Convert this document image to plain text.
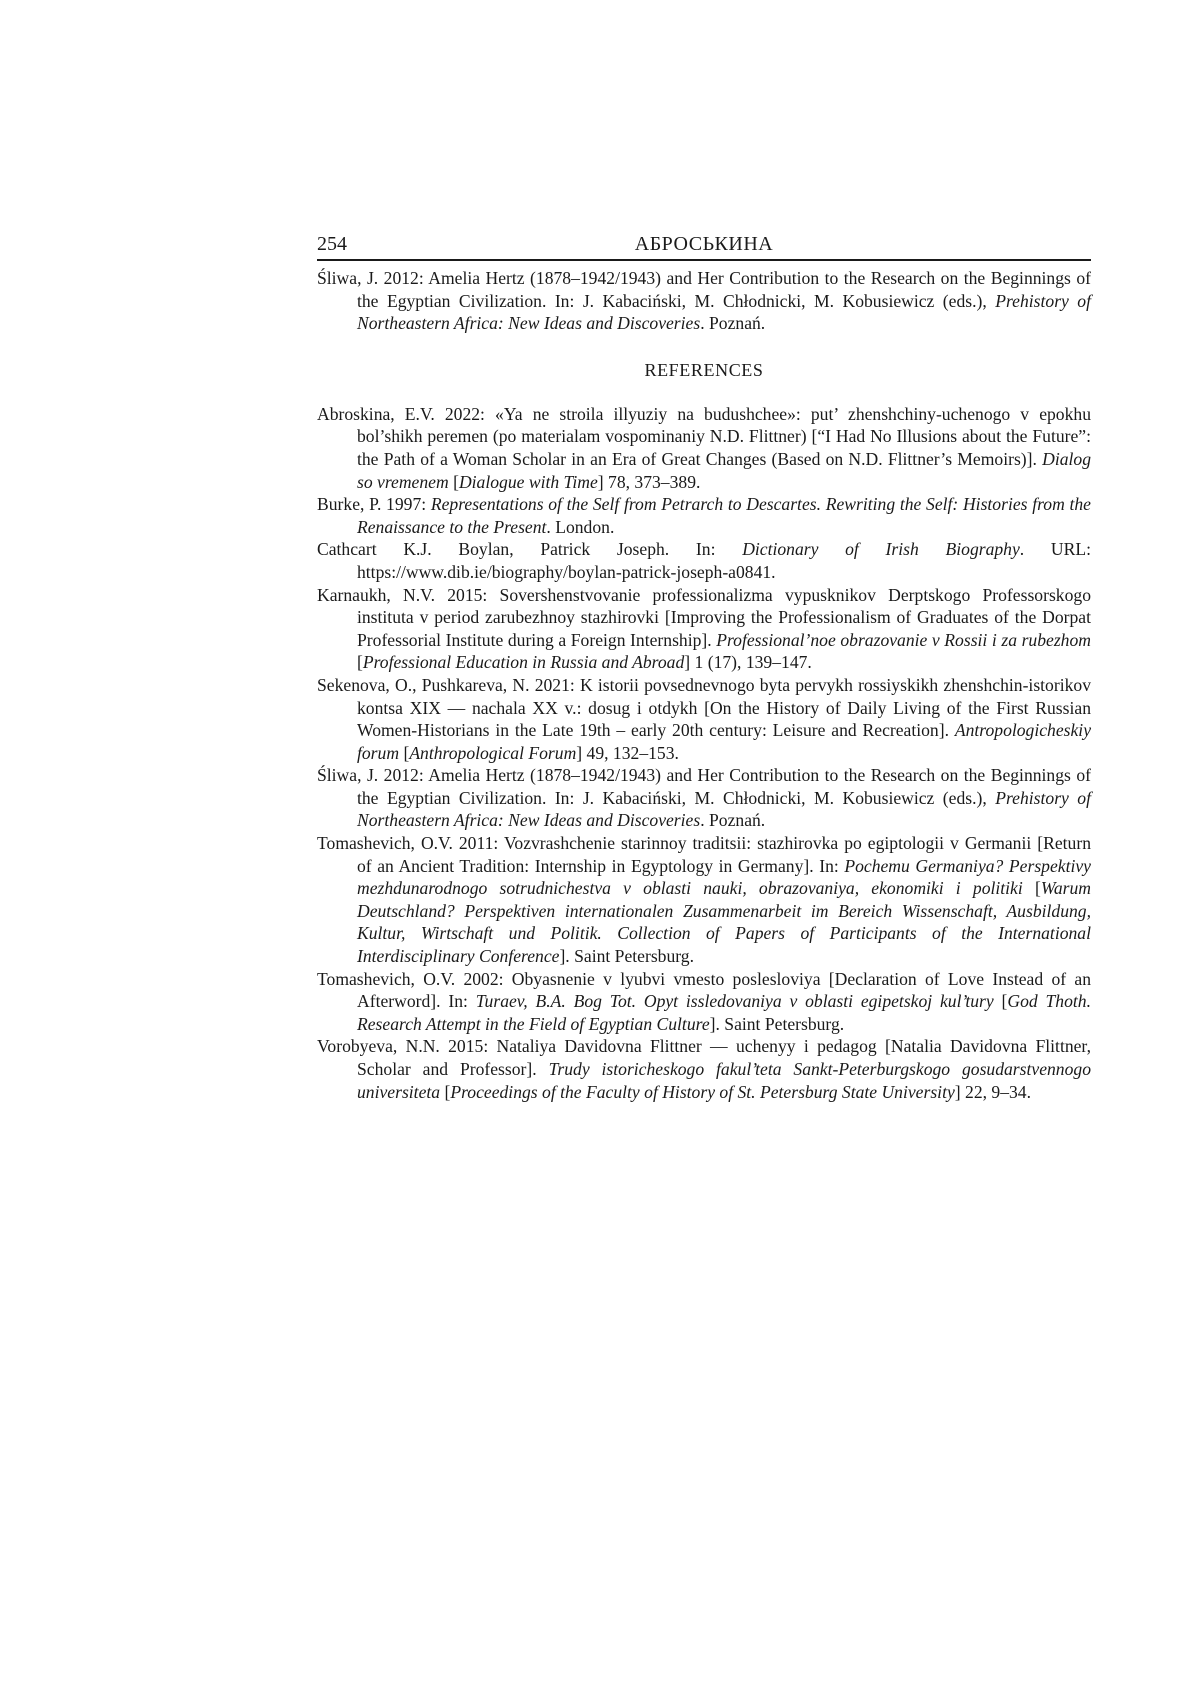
254	АБРОСЬКИНА

Śliwa, J. 2012: Amelia Hertz (1878–1942/1943) and Her Contribution to the Research on the Beginnings of the Egyptian Civilization. In: J. Kabaciński, M. Chłodnicki, M. Kobusiewicz (eds.), Prehistory of Northeastern Africa: New Ideas and Discoveries. Poznań.

REFERENCES

Abroskina, E.V. 2022: «Ya ne stroila illyuziy na budushchee»: put’ zhenshchiny-uchenogo v epokhu bol’shikh peremen (po materialam vospominaniy N.D. Flittner) [“I Had No Illusions about the Future”: the Path of a Woman Scholar in an Era of Great Changes (Based on N.D. Flittner’s Memoirs)]. Dialog so vremenem [Dialogue with Time] 78, 373–389.

Burke, P. 1997: Representations of the Self from Petrarch to Descartes. Rewriting the Self: Histories from the Renaissance to the Present. London.

Cathcart K.J. Boylan, Patrick Joseph. In: Dictionary of Irish Biography. URL: https://www.dib.ie/biography/boylan-patrick-joseph-a0841.

Karnaukh, N.V. 2015: Sovershenstvovanie professionalizma vypusknikov Derptskogo Professorskogo instituta v period zarubezhnoy stazhirovki [Improving the Professionalism of Graduates of the Dorpat Professorial Institute during a Foreign Internship]. Professional’noe obrazovanie v Rossii i za rubezhom [Professional Education in Russia and Abroad] 1 (17), 139–147.

Sekenova, O., Pushkareva, N. 2021: K istorii povsednevnogo byta pervykh rossiyskikh zhenshchin-istorikov kontsa XIX — nachala XX v.: dosug i otdykh [On the History of Daily Living of the First Russian Women-Historians in the Late 19th – early 20th century: Leisure and Recreation]. Antropologicheskiy forum [Anthropological Forum] 49, 132–153.

Śliwa, J. 2012: Amelia Hertz (1878–1942/1943) and Her Contribution to the Research on the Beginnings of the Egyptian Civilization. In: J. Kabaciński, M. Chłodnicki, M. Kobusiewicz (eds.), Prehistory of Northeastern Africa: New Ideas and Discoveries. Poznań.

Tomashevich, O.V. 2011: Vozvrashchenie starinnoy traditsii: stazhirovka po egiptologii v Germanii [Return of an Ancient Tradition: Internship in Egyptology in Germany]. In: Pochemu Germaniya? Perspektivy mezhdunarodnogo sotrudnichestva v oblasti nauki, obrazovaniya, ekonomiki i politiki [Warum Deutschland? Perspektiven internationalen Zusammenarbeit im Bereich Wissenschaft, Ausbildung, Kultur, Wirtschaft und Politik. Collection of Papers of Participants of the International Interdisciplinary Conference]. Saint Petersburg.

Tomashevich, O.V. 2002: Obyasnenie v lyubvi vmesto poslesloviya [Declaration of Love Instead of an Afterword]. In: Turaev, B.A. Bog Tot. Opyt issledovaniya v oblasti egipetskoj kul’tury [God Thoth. Research Attempt in the Field of Egyptian Culture]. Saint Petersburg.

Vorobyeva, N.N. 2015: Nataliya Davidovna Flittner — uchenyy i pedagog [Natalia Davidovna Flittner, Scholar and Professor]. Trudy istoricheskogo fakul’teta Sankt-Peterburgskogo gosudarstvennogo universiteta [Proceedings of the Faculty of History of St. Petersburg State University] 22, 9–34.
